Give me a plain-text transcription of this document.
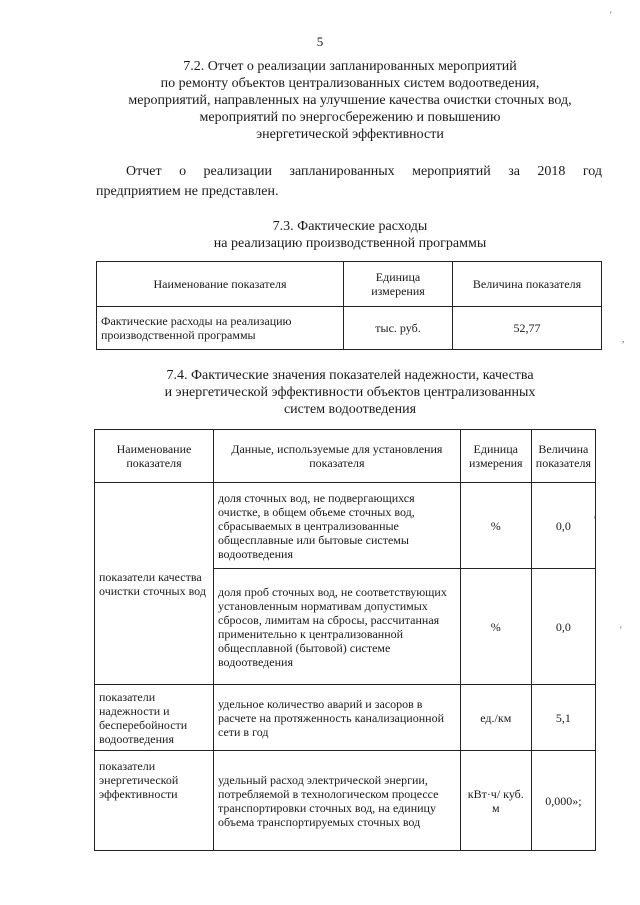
5
7.2. Отчет о реализации запланированных мероприятий
по ремонту объектов централизованных систем водоотведения,
мероприятий, направленных на улучшение качества очистки сточных вод,
мероприятий по энергосбережению и повышению
энергетической эффективности
Отчет о реализации запланированных мероприятий за 2018 год
предприятием не представлен.
7.3. Фактические расходы
на реализацию производственной программы
Наименование показателя	Единица измерения	Величина показателя
Фактические расходы на реализацию производственной программы	тыс. руб.	52,77
7.4. Фактические значения показателей надежности, качества
и энергетической эффективности объектов централизованных
систем водоотведения
Наименование показателя	Данные, используемые для установления показателя	Единица измерения	Величина показателя
показатели качества очистки сточных вод	доля сточных вод, не подвергающихся очистке, в общем объеме сточных вод, сбрасываемых в централизованные общесплавные или бытовые системы водоотведения	%	0,0
	доля проб сточных вод, не соответствующих установленным нормативам допустимых сбросов, лимитам на сбросы, рассчитанная применительно к централизованной общесплавной (бытовой) системе водоотведения	%	0,0
показатели надежности и бесперебойности водоотведения	удельное количество аварий и засоров в расчете на протяженность канализационной сети в год	ед./км	5,1
показатели энергетической эффективности	удельный расход электрической энергии, потребляемой в технологическом процессе транспортировки сточных вод, на единицу объема транспортируемых сточных вод	кВт·ч/ куб. м	0,000»;
'
,
'
'
